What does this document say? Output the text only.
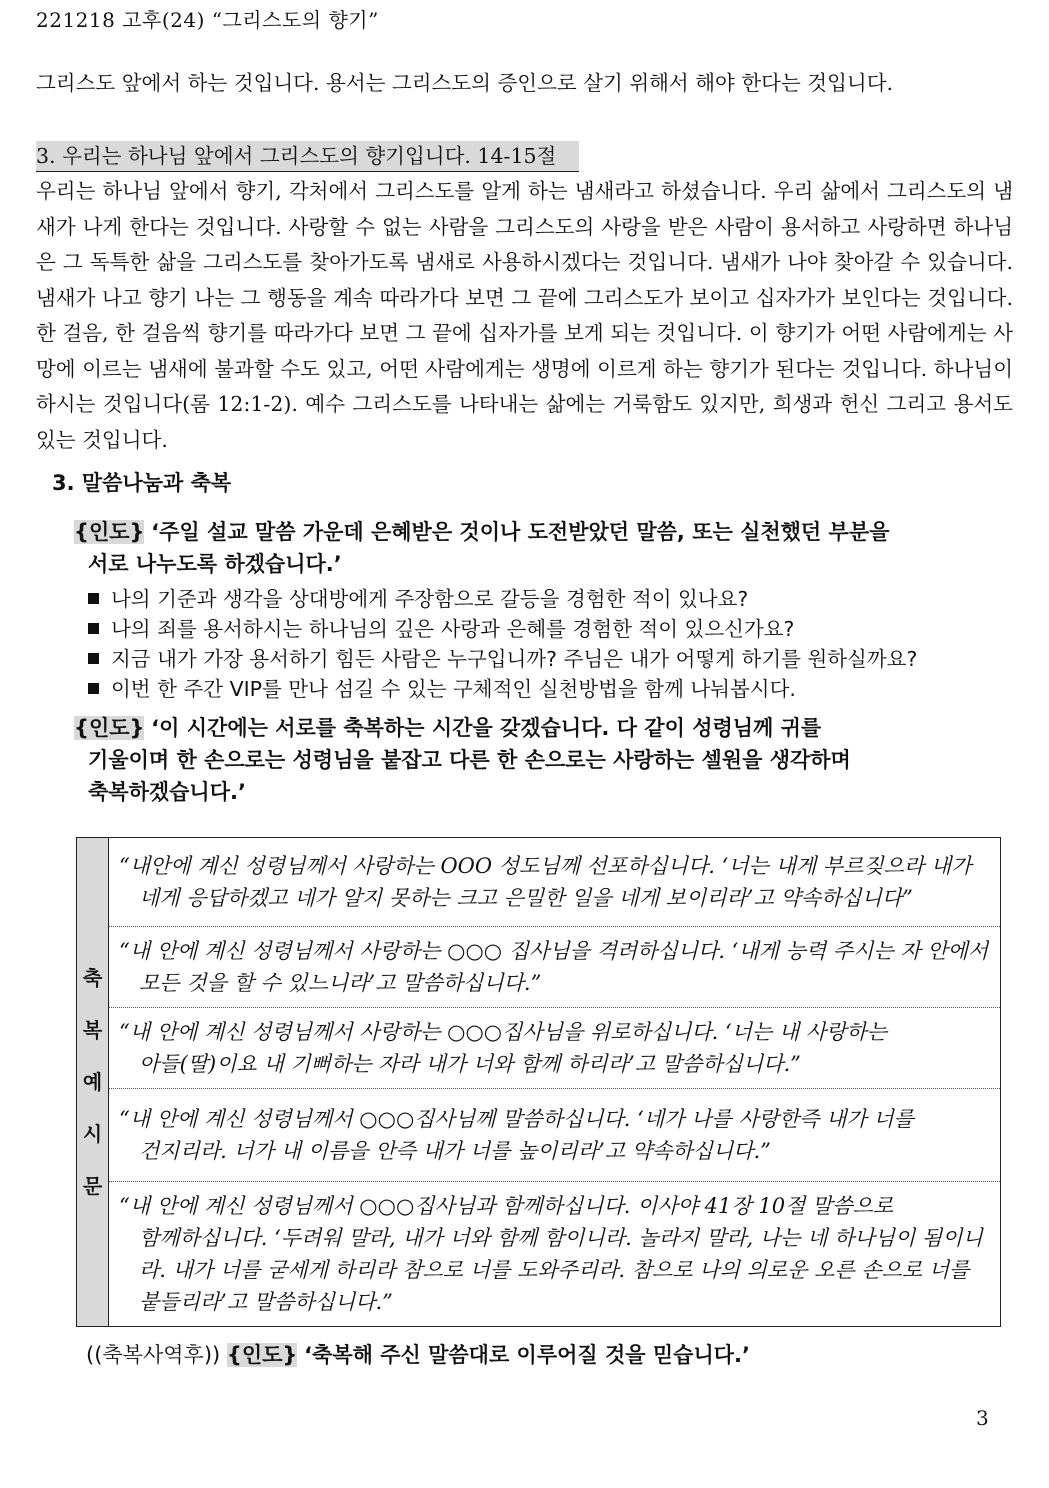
221218 고후(24) “그리스도의 향기”
그리스도 앞에서 하는 것입니다. 용서는 그리스도의 증인으로 살기 위해서 해야 한다는 것입니다.
3. 우리는 하나님 앞에서 그리스도의 향기입니다. 14-15절
우리는 하나님 앞에서 향기, 각처에서 그리스도를 알게 하는 냄새라고 하셨습니다. 우리 삶에서 그리스도의 냄새가 나게 한다는 것입니다. 사랑할 수 없는 사람을 그리스도의 사랑을 받은 사람이 용서하고 사랑하면 하나님은 그 독특한 삶을 그리스도를 찾아가도록 냄새로 사용하시겠다는 것입니다. 냄새가 나야 찾아갈 수 있습니다. 냄새가 나고 향기 나는 그 행동을 계속 따라가다 보면 그 끝에 그리스도가 보이고 십자가가 보인다는 것입니다. 한 걸음, 한 걸음씩 향기를 따라가다 보면 그 끝에 십자가를 보게 되는 것입니다. 이 향기가 어떤 사람에게는 사망에 이르는 냄새에 불과할 수도 있고, 어떤 사람에게는 생명에 이르게 하는 향기가 된다는 것입니다. 하나님이 하시는 것입니다(롬 12:1-2). 예수 그리스도를 나타내는 삶에는 거룩함도 있지만, 희생과 헌신 그리고 용서도 있는 것입니다.
3. 말씀나눔과 축복
{인도} ‘주일 설교 말씀 가운데 은혜받은 것이나 도전받았던 말씀, 또는 실천했던 부분을
서로 나누도록 하겠습니다.’
나의 기준과 생각을 상대방에게 주장함으로 갈등을 경험한 적이 있나요?
나의 죄를 용서하시는 하나님의 깊은 사랑과 은혜를 경험한 적이 있으신가요?
지금 내가 가장 용서하기 힘든 사람은 누구입니까? 주님은 내가 어떻게 하기를 원하실까요?
이번 한 주간 VIP를 만나 섬길 수 있는 구체적인 실천방법을 함께 나눠봅시다.
{인도} ‘이 시간에는 서로를 축복하는 시간을 갖겠습니다. 다 같이 성령님께 귀를
기울이며 한 손으로는 성령님을 붙잡고 다른 한 손으로는 사랑하는 셀원을 생각하며
축복하겠습니다.’
축
복
예
시
문
	“내안에 계신 성령님께서 사랑하는 OOO 성도님께 선포하십니다. ‘너는 내게 부르짖으라 내가
네게 응답하겠고 네가 알지 못하는 크고 은밀한 일을 네게 보이리라’고 약속하십니다”

“내 안에 계신 성령님께서 사랑하는 ○○○ 집사님을 격려하십니다. ‘내게 능력 주시는 자 안에서
모든 것을 할 수 있느니라’고 말씀하십니다.”

“내 안에 계신 성령님께서 사랑하는 ○○○집사님을 위로하십니다. ‘너는 내 사랑하는
아들(딸)이요 내 기뻐하는 자라 내가 너와 함께 하리라’고 말씀하십니다.”

“내 안에 계신 성령님께서 ○○○집사님께 말씀하십니다. ‘네가 나를 사랑한즉 내가 너를
건지리라. 너가 내 이름을 안즉 내가 너를 높이리라’고 약속하십니다.”

“내 안에 계신 성령님께서 ○○○집사님과 함께하십니다. 이사야 41장 10절 말씀으로
함께하십니다. ‘두려워 말라, 내가 너와 함께 함이니라. 놀라지 말라, 나는 네 하나님이 됨이니라. 내가 너를 굳세게 하리라 참으로 너를 도와주리라. 참으로 나의 의로운 오른 손으로 너를 붙들리라’고 말씀하십니다.”
((축복사역후)) {인도} ‘축복해 주신 말씀대로 이루어질 것을 믿습니다.’
3
